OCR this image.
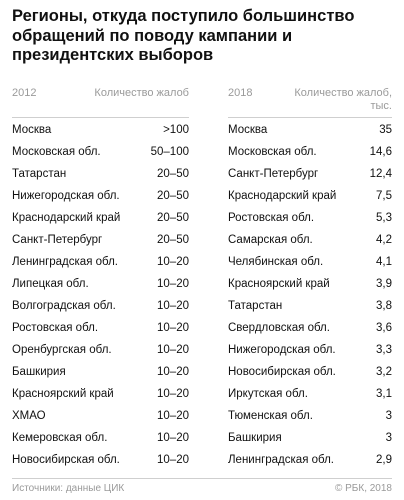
Регионы, откуда поступило большинство обращений по поводу кампании и президентских выборов
2012	Количество жалоб
Москва	>100
Московская обл.	50–100
Татарстан	20–50
Нижегородская обл.	20–50
Краснодарский край	20–50
Санкт-Петербург	20–50
Ленинградская обл.	10–20
Липецкая обл.	10–20
Волгоградская обл.	10–20
Ростовская обл.	10–20
Оренбургская обл.	10–20
Башкирия	10–20
Красноярский край	10–20
ХМАО	10–20
Кемеровская обл.	10–20
Новосибирская обл.	10–20
2018	Количество жалоб,
тыс.
Москва	35
Московская обл.	14,6
Санкт-Петербург	12,4
Краснодарский край	7,5
Ростовская обл.	5,3
Самарская обл.	4,2
Челябинская обл.	4,1
Красноярский край	3,9
Татарстан	3,8
Свердловская обл.	3,6
Нижегородская обл.	3,3
Новосибирская обл.	3,2
Иркутская обл.	3,1
Тюменская обл.	3
Башкирия	3
Ленинградская обл.	2,9
Источники: данные ЦИК	© РБК, 2018
